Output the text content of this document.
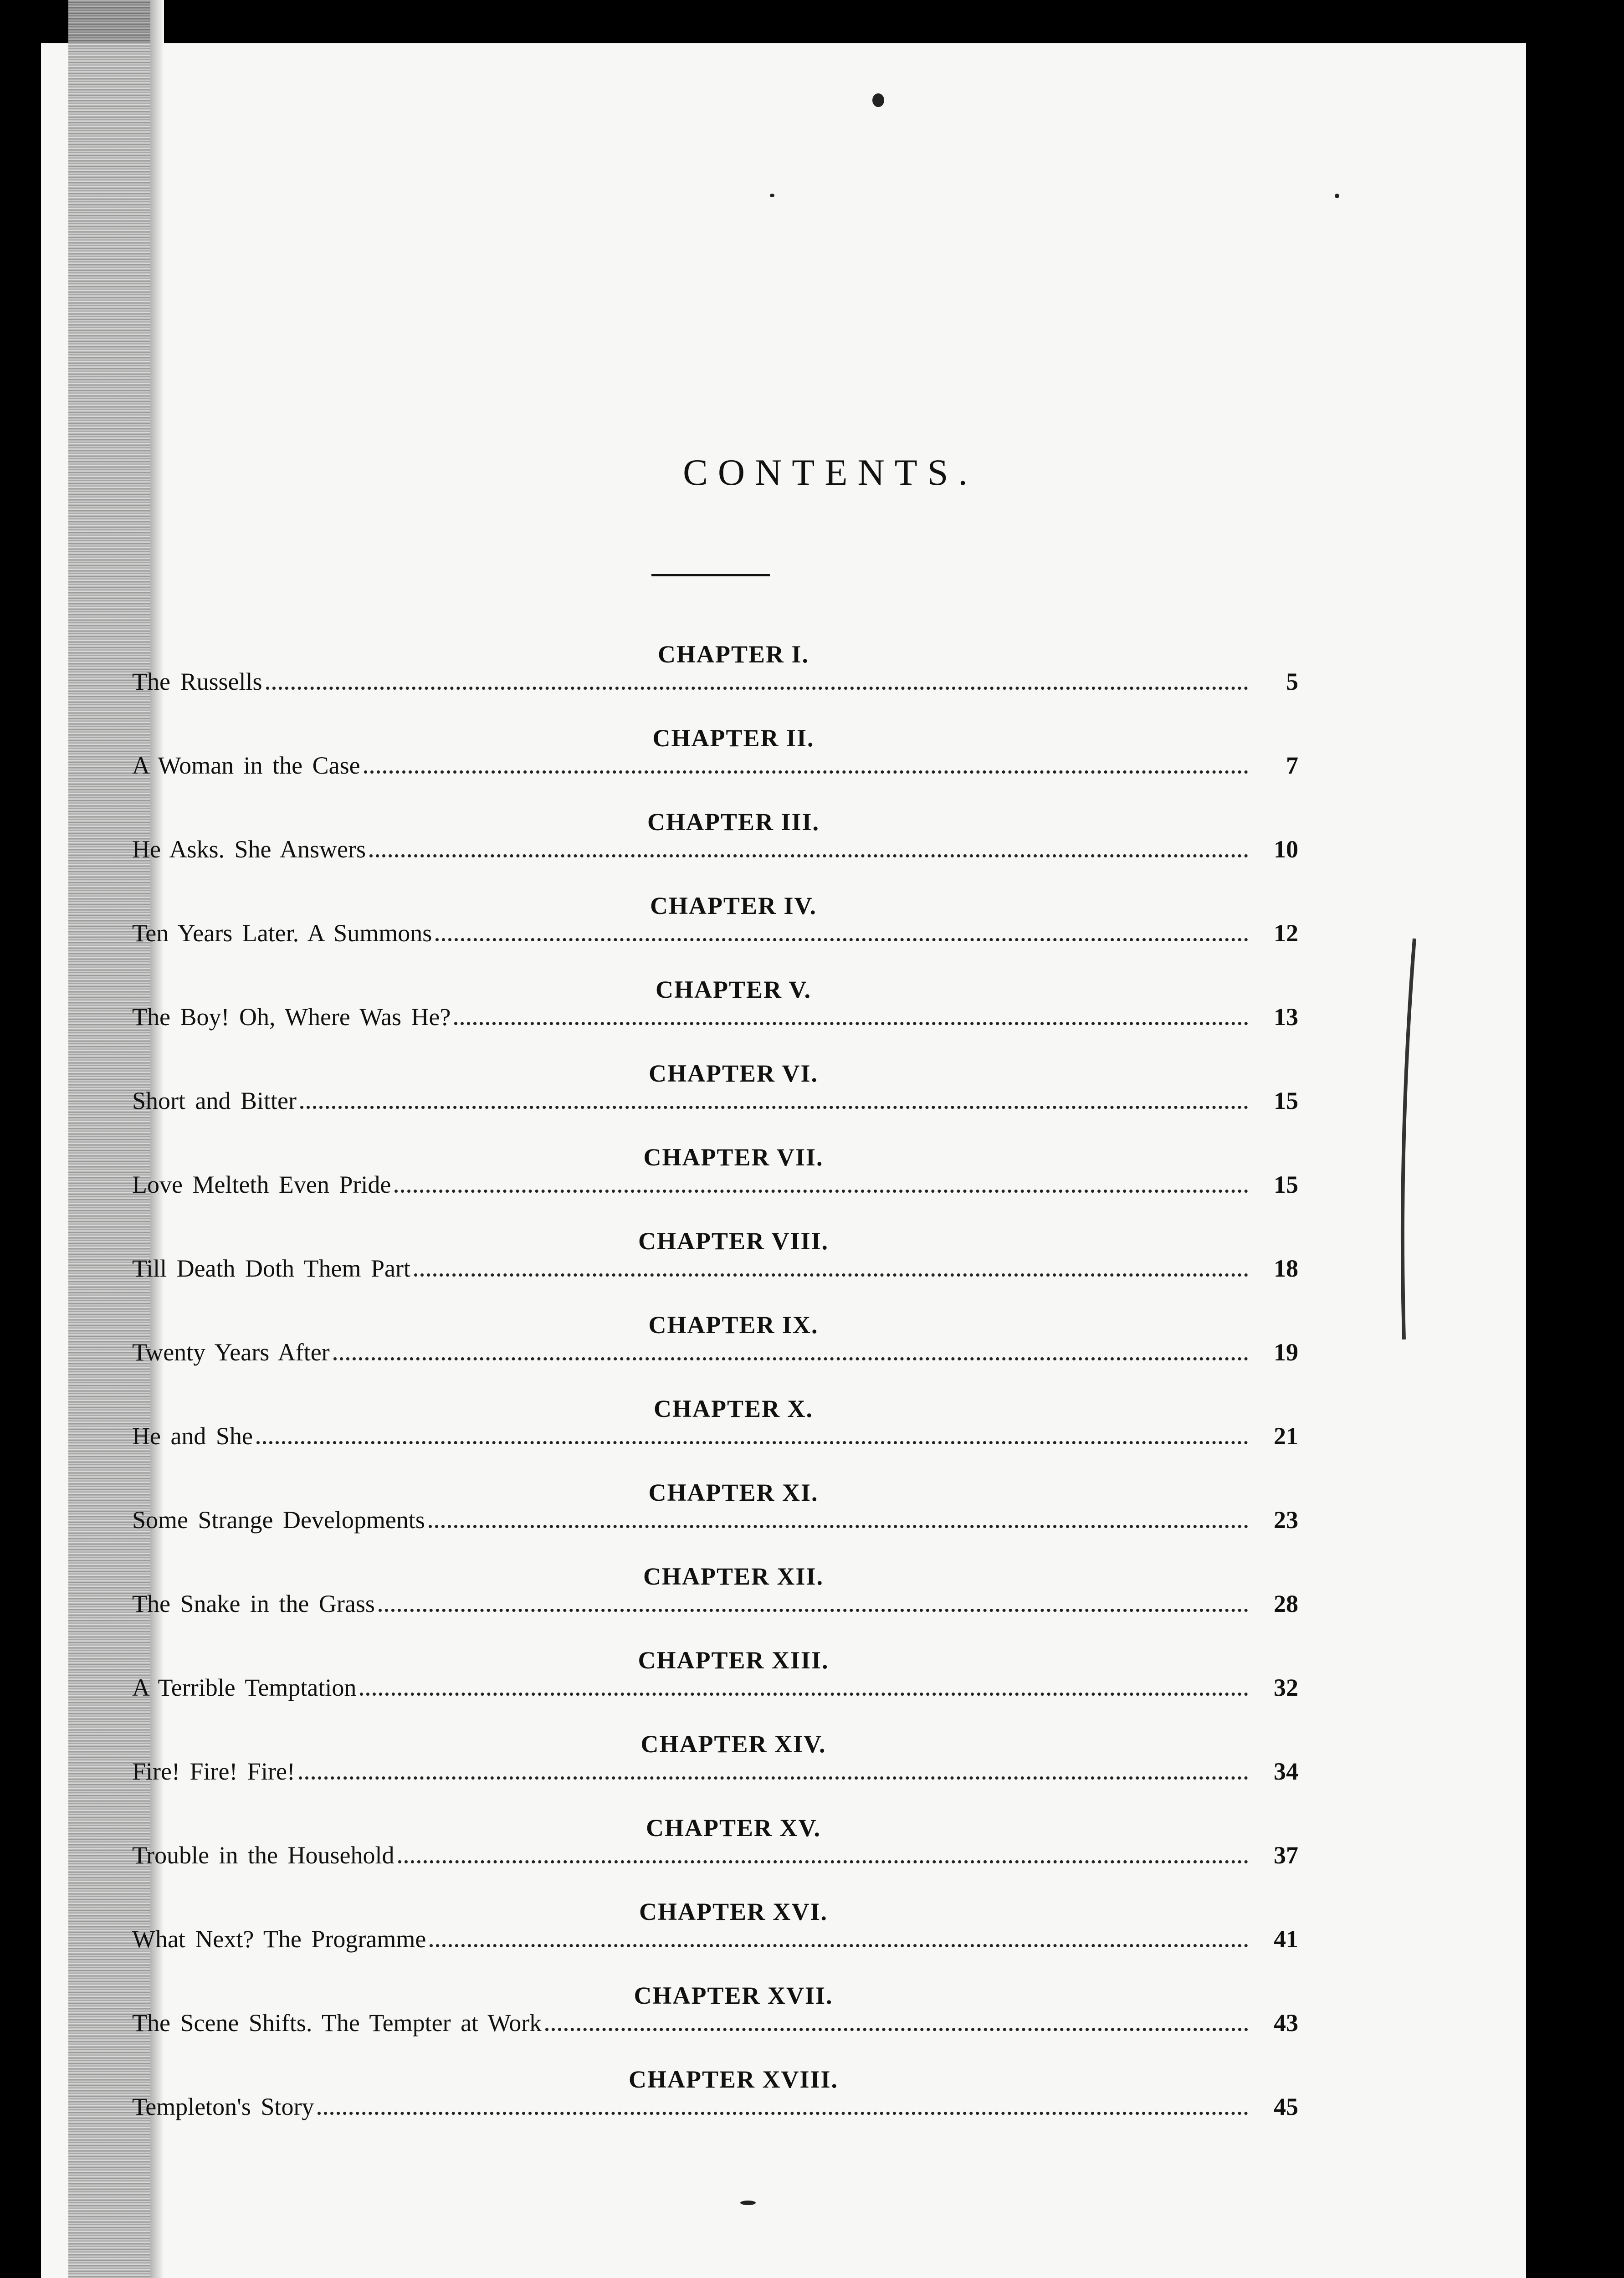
CONTENTS.
CHAPTER I.
The Russells	5
CHAPTER II.
A Woman in the Case	7
CHAPTER III.
He Asks. She Answers	10
CHAPTER IV.
Ten Years Later. A Summons	12
CHAPTER V.
The Boy! Oh, Where Was He?	13
CHAPTER VI.
Short and Bitter	15
CHAPTER VII.
Love Melteth Even Pride	15
CHAPTER VIII.
Till Death Doth Them Part	18
CHAPTER IX.
Twenty Years After	19
CHAPTER X.
He and She	21
CHAPTER XI.
Some Strange Developments	23
CHAPTER XII.
The Snake in the Grass	28
CHAPTER XIII.
A Terrible Temptation	32
CHAPTER XIV.
Fire! Fire! Fire!	34
CHAPTER XV.
Trouble in the Household	37
CHAPTER XVI.
What Next? The Programme	41
CHAPTER XVII.
The Scene Shifts. The Tempter at Work	43
CHAPTER XVIII.
Templeton's Story	45
